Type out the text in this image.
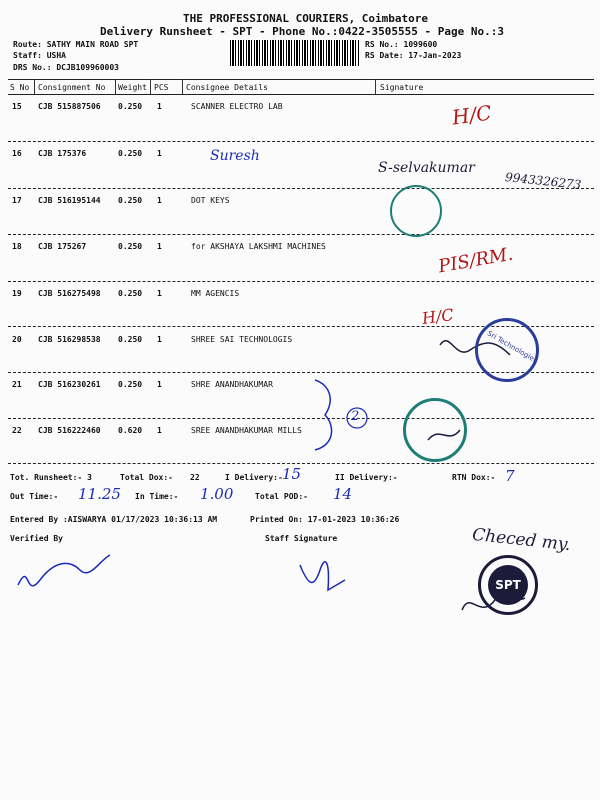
THE PROFESSIONAL COURIERS, Coimbatore
Delivery Runsheet - SPT - Phone No.:0422-3505555 - Page No.:3
Route: SATHY MAIN ROAD SPT
Staff: USHA
DRS No.: DCJB109960003
RS No.: 1099600
RS Date: 17-Jan-2023
S No Consignment No Weight PCS Consignee Details	Signature
15 CJB 515887506 0.250 1	SCANNER ELECTRO LAB
16 CJB 175376	0.250 1
17 CJB 516195144 0.250 1	DOT KEYS
18 CJB 175267	0.250 1	for AKSHAYA LAKSHMI MACHINES
19 CJB 516275498 0.250 1	MM AGENCIS
20 CJB 516298538 0.250 1	SHREE SAI TECHNOLOGIS
21 CJB 516230261 0.250 1	SHRE ANANDHAKUMAR
22 CJB 516222460 0.620 1	SREE ANANDHAKUMAR MILLS
Tot. Runsheet:- 3	Total Dox:- 22	I Delivery:-	II Delivery:-	RTN Dox:-
Out Time:-	In Time:-	Total POD:-
Entered By :AISWARYA 01/17/2023 10:36:13 AM	Printed On: 17-01-2023 10:36:26
Verified By	Staff Signature
H/C
Suresh
S-selvakumar
9943326273
PIS/RM.
H/C
15	7
11.25	1.00	14
Checed my.
2
Sri Technologies
SPT
